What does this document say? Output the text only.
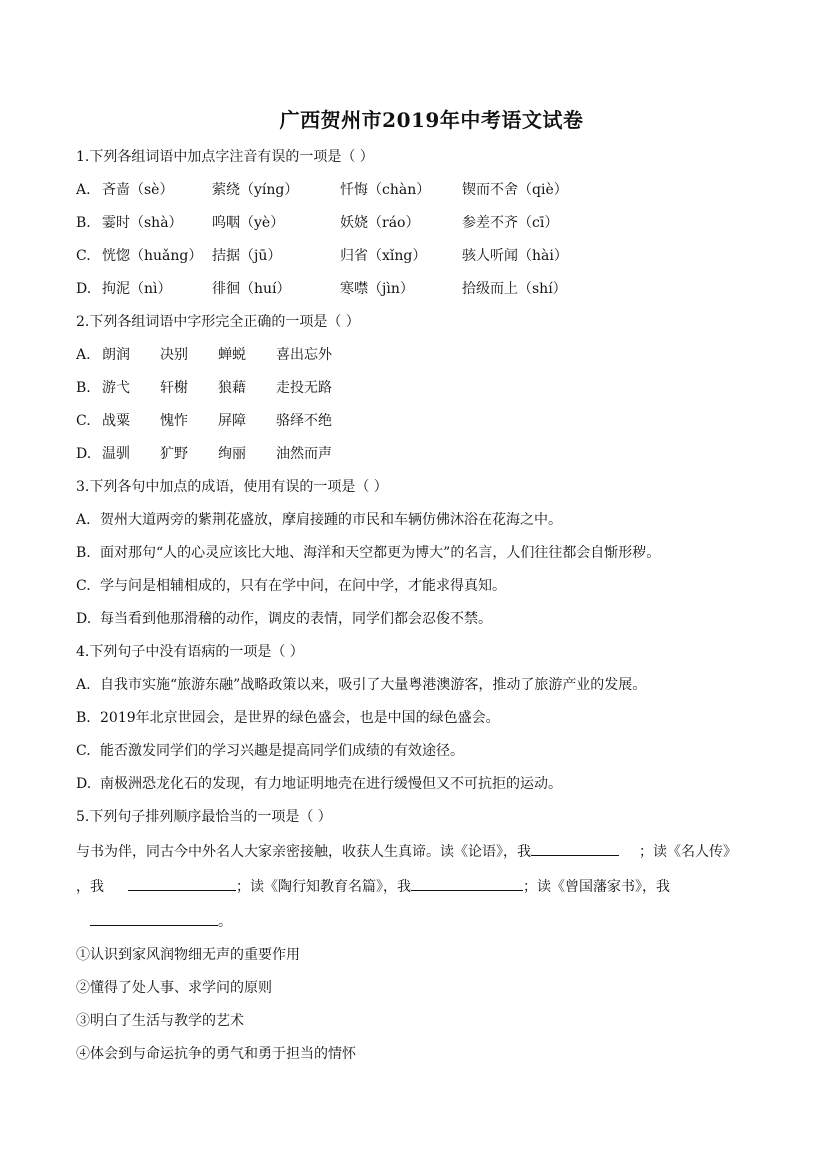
广西贺州市2019年中考语文试卷
1.下列各组词语中加点字注音有误的一项是（ ）
A. 吝啬（sè）	萦绕（yíng）	忏悔（chàn）	锲而不舍（qiè）
B. 霎时（shà）	呜咽（yè）	妖娆（ráo）	参差不齐（cī）
C. 恍惚（huǎng） 拮据（jū）	归省（xǐng）	骇人听闻（hài）
D. 拘泥（nì）	徘徊（huí）	寒噤（jìn）	拾级而上（shí）
2.下列各组词语中字形完全正确的一项是（ ）
A. 朗润	决别	蝉蜕	喜出忘外
B. 游弋	轩榭	狼藉	走投无路
C. 战粟	愧怍	屏障	骆绎不绝
D. 温驯	犷野	绚丽	油然而声
3.下列各句中加点的成语，使用有误的一项是（ ）
A. 贺州大道两旁的紫荆花盛放，摩肩接踵的市民和车辆仿佛沐浴在花海之中。
B. 面对那句“人的心灵应该比大地、海洋和天空都更为博大”的名言，人们往往都会自惭形秽。
C. 学与问是相辅相成的，只有在学中问，在问中学，才能求得真知。
D. 每当看到他那滑稽的动作，调皮的表情，同学们都会忍俊不禁。
4.下列句子中没有语病的一项是（ ）
A. 自我市实施“旅游东融”战略政策以来，吸引了大量粤港澳游客，推动了旅游产业的发展。
B. 2019年北京世园会，是世界的绿色盛会，也是中国的绿色盛会。
C. 能否激发同学们的学习兴趣是提高同学们成绩的有效途径。
D. 南极洲恐龙化石的发现，有力地证明地壳在进行缓慢但又不可抗拒的运动。
5.下列句子排列顺序最恰当的一项是（ ）
与书为伴，同古今中外名人大家亲密接触，收获人生真谛。读《论语》，我	；读《名人传》
，我	；读《陶行知教育名篇》，我	；读《曾国藩家书》，我
。
①认识到家风润物细无声的重要作用
②懂得了处人事、求学问的原则
③明白了生活与教学的艺术
④体会到与命运抗争的勇气和勇于担当的情怀
